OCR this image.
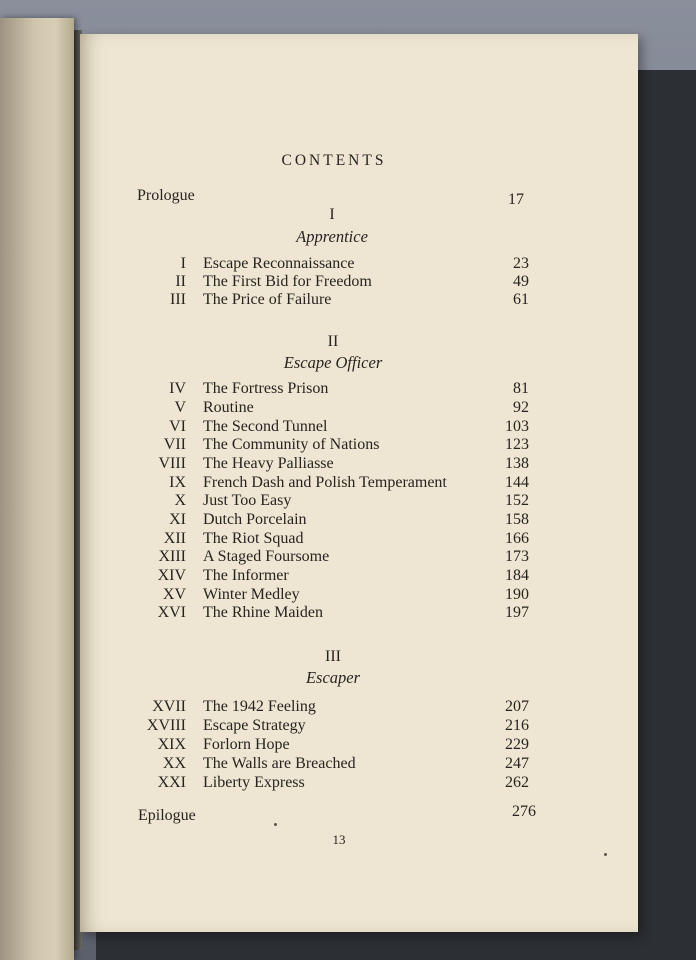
CONTENTS
Prologue	17
I
Apprentice
I Escape Reconnaissance	23
II The First Bid for Freedom	49
III The Price of Failure	61
II
Escape Officer
IV The Fortress Prison	81
V Routine	92
VI The Second Tunnel	103
VII The Community of Nations	123
VIII The Heavy Palliasse	138
IX French Dash and Polish Temperament	144
X Just Too Easy	152
XI Dutch Porcelain	158
XII The Riot Squad	166
XIII A Staged Foursome	173
XIV The Informer	184
XV Winter Medley	190
XVI The Rhine Maiden	197
III
Escaper
XVII The 1942 Feeling	207
XVIII Escape Strategy	216
XIX Forlorn Hope	229
XX The Walls are Breached	247
XXI Liberty Express	262
Epilogue	276
13
